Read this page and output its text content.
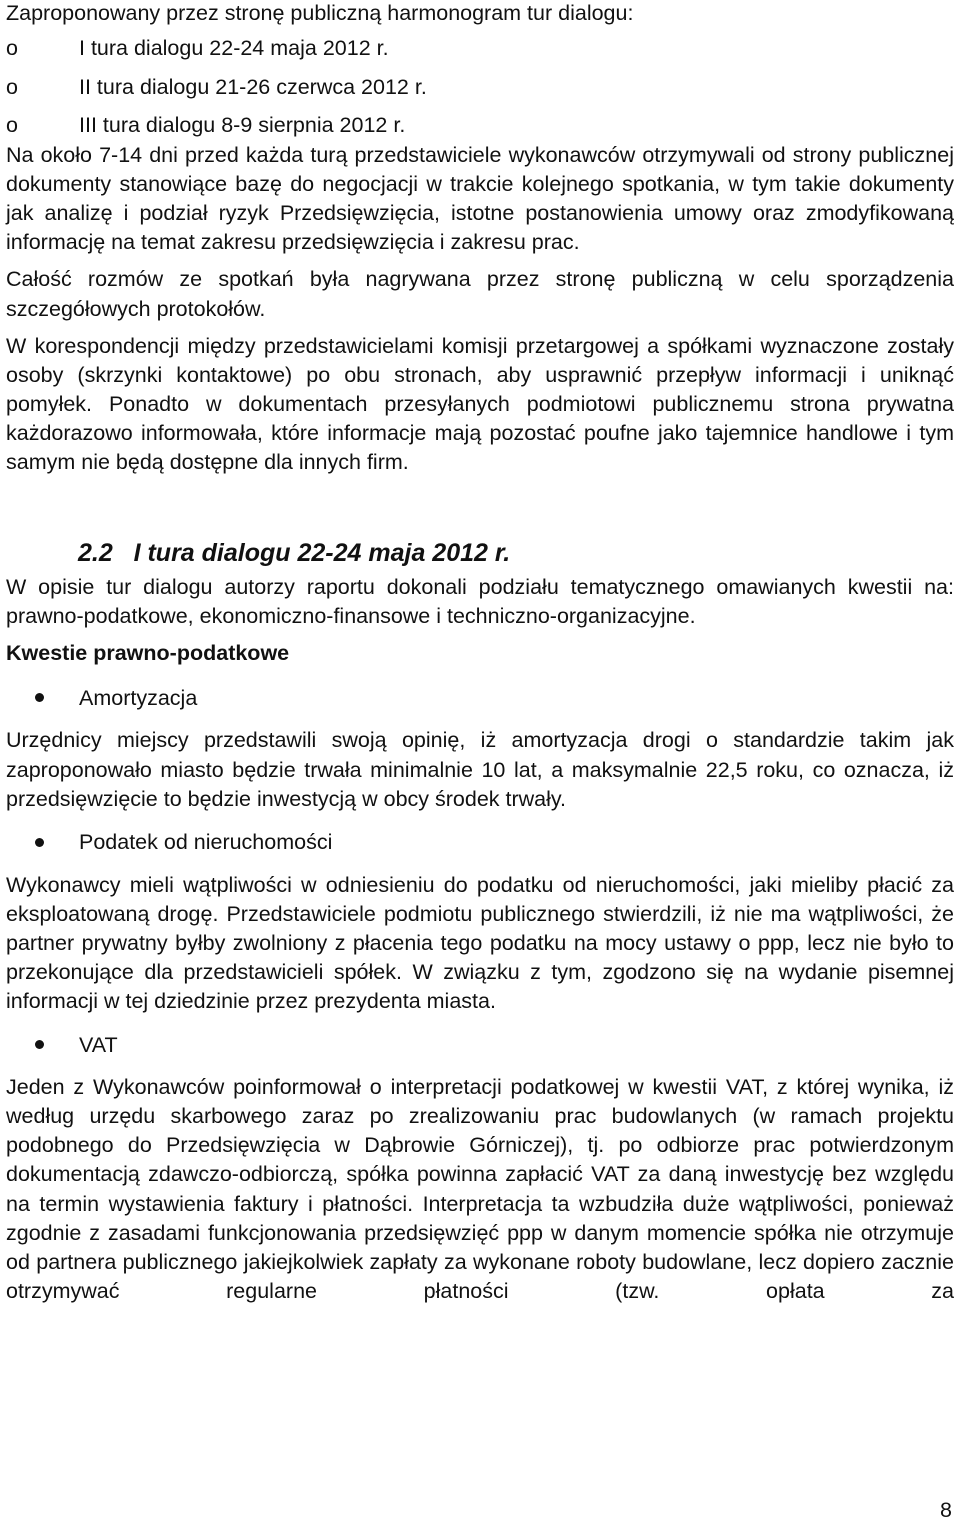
Zaproponowany przez stronę publiczną harmonogram tur dialogu:

o	I tura dialogu 22-24 maja 2012 r.
o	II tura dialogu 21-26 czerwca 2012 r.
o	III tura dialogu 8-9 sierpnia 2012 r.

Na około 7-14 dni przed każda turą przedstawiciele wykonawców otrzymywali od strony publicznej dokumenty stanowiące bazę do negocjacji w trakcie kolejnego spotkania, w tym takie dokumenty jak analizę i podział ryzyk Przedsięwzięcia, istotne postanowienia umowy oraz zmodyfikowaną informację na temat zakresu przedsięwzięcia i zakresu prac.

Całość rozmów ze spotkań była nagrywana przez stronę publiczną w celu sporządzenia szczegółowych protokołów.

W korespondencji między przedstawicielami komisji przetargowej a spółkami wyznaczone zostały osoby (skrzynki kontaktowe) po obu stronach, aby usprawnić przepływ informacji i uniknąć pomyłek. Ponadto w dokumentach przesyłanych podmiotowi publicznemu strona prywatna każdorazowo informowała, które informacje mają pozostać poufne jako tajemnice handlowe i tym samym nie będą dostępne dla innych firm.

2.2   I tura dialogu 22-24 maja 2012 r.

W opisie tur dialogu autorzy raportu dokonali podziału tematycznego omawianych kwestii na: prawno-podatkowe, ekonomiczno-finansowe i techniczno-organizacyjne.

Kwestie prawno-podatkowe

Amortyzacja

Urzędnicy miejscy przedstawili swoją opinię, iż amortyzacja drogi o standardzie takim jak zaproponowało miasto będzie trwała minimalnie 10 lat, a maksymalnie 22,5 roku, co oznacza, iż przedsięwzięcie to będzie inwestycją w obcy środek trwały.

Podatek od nieruchomości

Wykonawcy mieli wątpliwości w odniesieniu do podatku od nieruchomości, jaki mieliby płacić za eksploatowaną drogę. Przedstawiciele podmiotu publicznego stwierdzili, iż nie ma wątpliwości, że partner prywatny byłby zwolniony z płacenia tego podatku na mocy ustawy o ppp, lecz nie było to przekonujące dla przedstawicieli spółek. W związku z tym, zgodzono się na wydanie pisemnej informacji w tej dziedzinie przez prezydenta miasta.

VAT

Jeden z Wykonawców poinformował o interpretacji podatkowej w kwestii VAT, z której wynika, iż według urzędu skarbowego zaraz po zrealizowaniu prac budowlanych (w ramach projektu podobnego do Przedsięwzięcia w Dąbrowie Górniczej), tj. po odbiorze prac potwierdzonym dokumentacją zdawczo-odbiorczą, spółka powinna zapłacić VAT za daną inwestycję bez względu na termin wystawienia faktury i płatności. Interpretacja ta wzbudziła duże wątpliwości, ponieważ zgodnie z zasadami funkcjonowania przedsięwzięć ppp w danym momencie spółka nie otrzymuje od partnera publicznego jakiejkolwiek zapłaty za wykonane roboty budowlane, lecz dopiero zacznie otrzymywać regularne płatności (tzw. opłata za

8
